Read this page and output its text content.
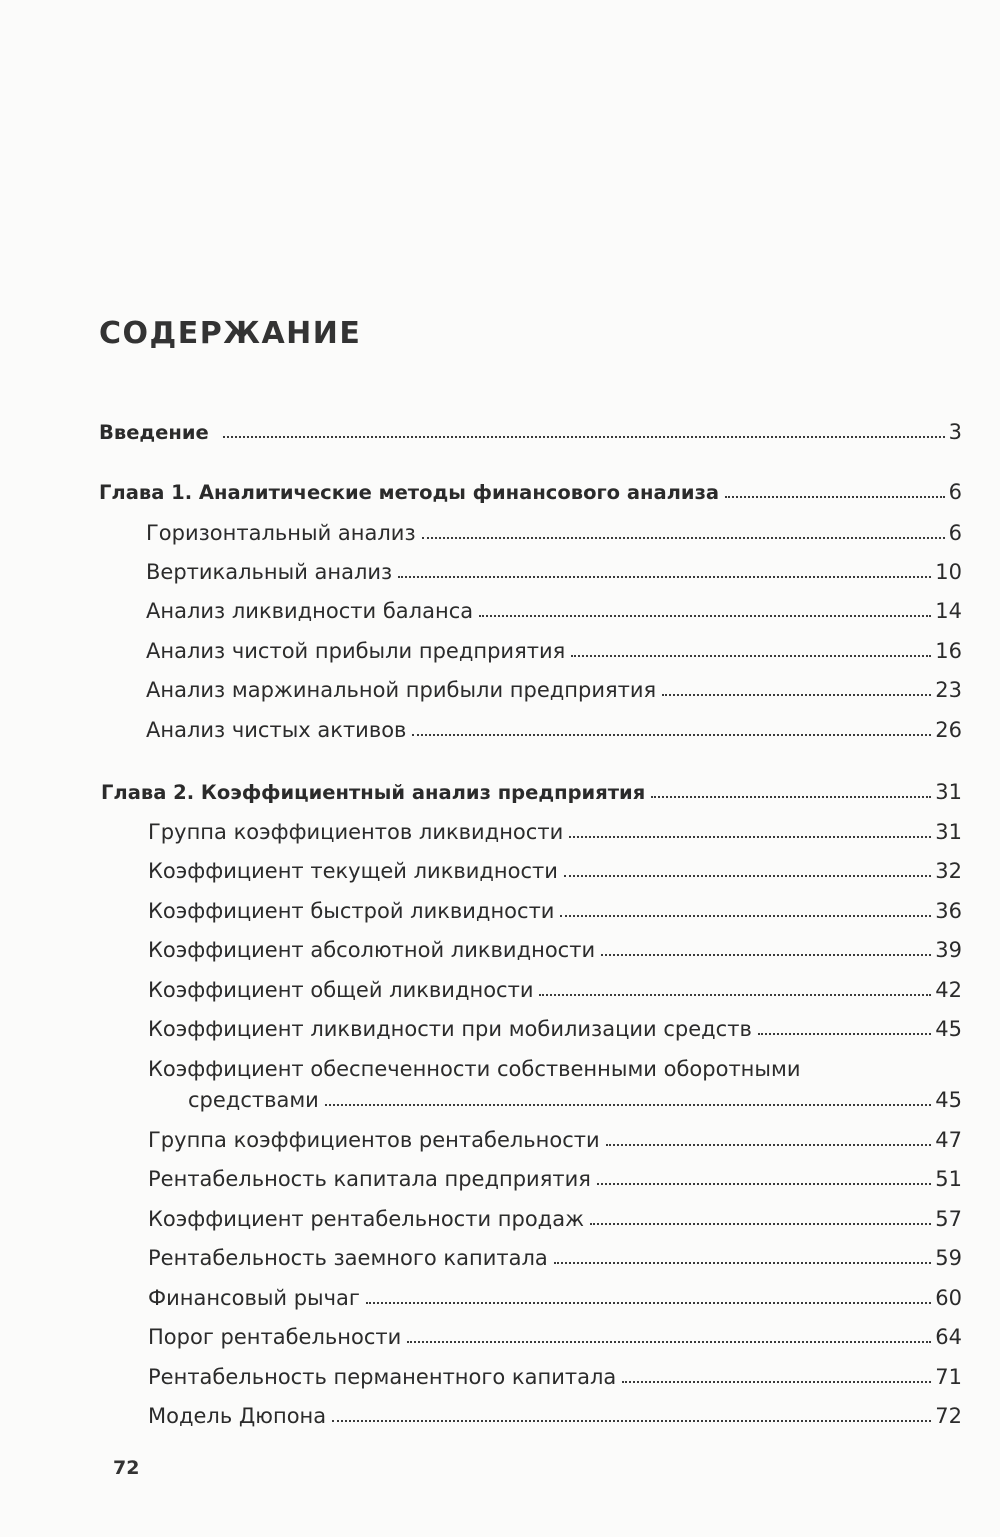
СОДЕРЖАНИЕ
Введение	3
Глава 1. Аналитические методы финансового анализа	6
Горизонтальный анализ	6
Вертикальный анализ	10
Анализ ликвидности баланса	14
Анализ чистой прибыли предприятия	16
Анализ маржинальной прибыли предприятия	23
Анализ чистых активов	26
Глава 2. Коэффициентный анализ предприятия	31
Группа коэффициентов ликвидности	31
Коэффициент текущей ликвидности	32
Коэффициент быстрой ликвидности	36
Коэффициент абсолютной ликвидности	39
Коэффициент общей ликвидности	42
Коэффициент ликвидности при мобилизации средств	45
Коэффициент обеспеченности собственными оборотными
средствами	45
Группа коэффициентов рентабельности	47
Рентабельность капитала предприятия	51
Коэффициент рентабельности продаж	57
Рентабельность заемного капитала	59
Финансовый рычаг	60
Порог рентабельности	64
Рентабельность перманентного капитала	71
Модель Дюпона	72
72
